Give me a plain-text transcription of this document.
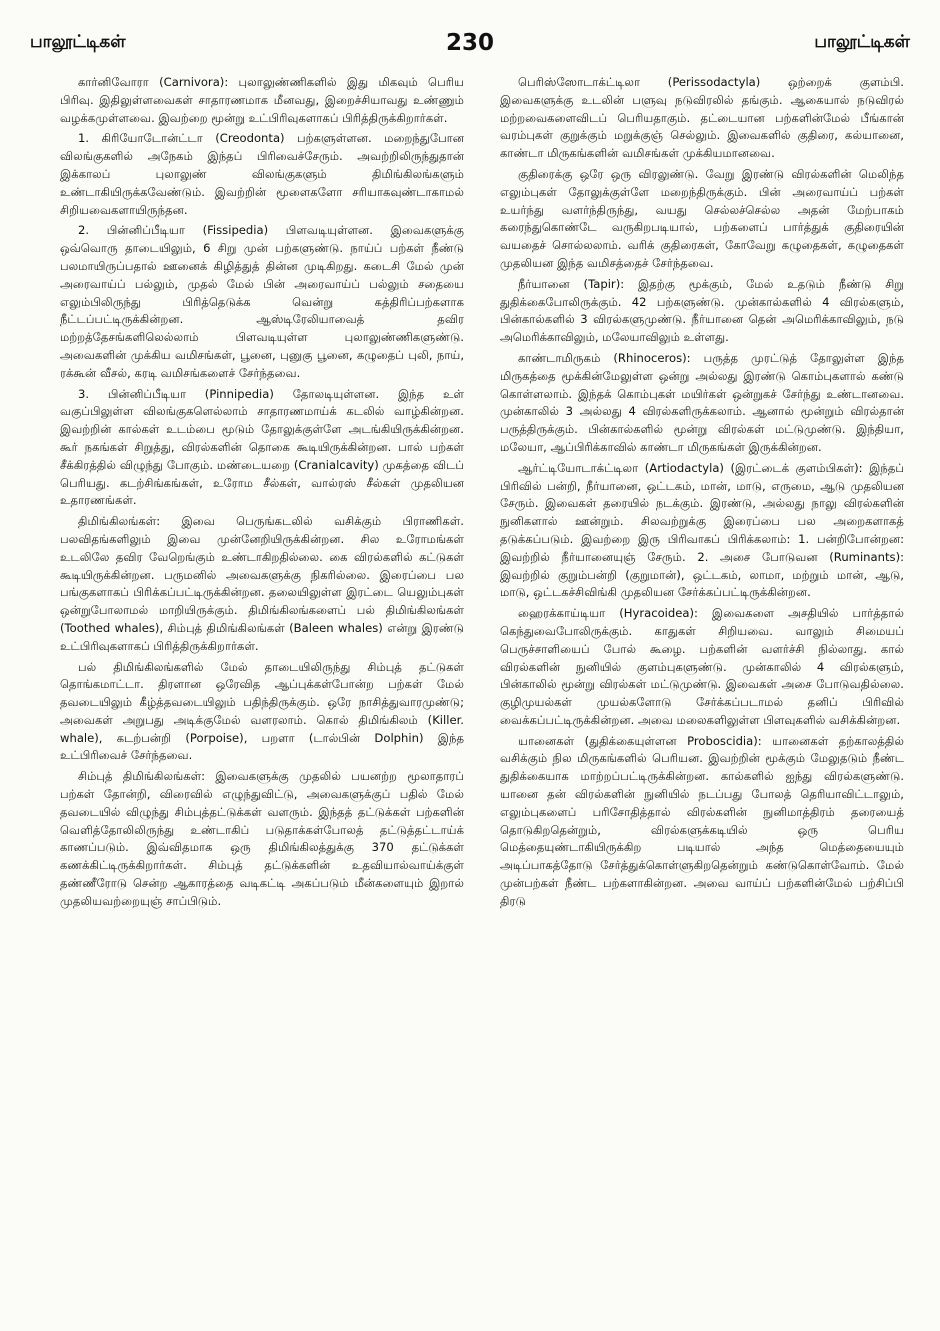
பாலூட்டிகள்	230	பாலூட்டிகள்

கார்னிவோரா (Carnivora): புலாலுண்ணிகளில் இது மிகவும் பெரிய பிரிவு. இதிலுள்ளவைகள் சாதாரணமாக மீனவது, இறைச்சியாவது உண்ணும் வழக்கமுள்ளவை. இவற்றை மூன்று உட்பிரிவுகளாகப் பிரித்திருக்கிறார்கள்.

1. கிரியோடோன்ட்டா (Creodonta) பற்களுள்ளன. மறைந்துபோன விலங்குகளில் அநேகம் இந்தப் பிரிவைச்சேரும். அவற்றிலிருந்துதான் இக்காலப் புலாலுண் விலங்குகளும் திமிங்கிலங்களும் உண்டாகியிருக்கவேண்டும். இவற்றின் மூளைகளோ சரியாகவுண்டாகாமல் சிறியவைகளாயிருந்தன.

2. பின்னிப்பீடியா (Fissipedia) பிளவடியுள்ளன. இவைகளுக்கு ஒவ்வொரு தாடையிலும், 6 சிறு முன் பற்களுண்டு. நாய்ப் பற்கள் நீண்டு பலமாயிருப்பதால் ஊனைக் கிழித்துத் தின்ன முடிகிறது. கடைசி மேல் முன் அரைவாய்ப் பல்லும், முதல் மேல் பின் அரைவாய்ப் பல்லும் சதையை எலும்பிலிருந்து பிரித்தெடுக்க வென்று கத்திரிப்பற்களாக நீட்டப்பட்டிருக்கின்றன. ஆஸ்டிரேலியாவைத் தவிர மற்றத்தேசங்களிலெல்லாம் பிளவடியுள்ள புலாலுண்ணிகளுண்டு. அவைகளின் முக்கிய வமிசங்கள், பூனை, புனுகு பூனை, கழுதைப் புலி, நாய், ரக்கூன் வீசல், கரடி வமிசங்களைச் சேர்ந்தவை.

3. பின்னிப்பீடியா (Pinnipedia) தோலடியுள்ளன. இந்த உள் வகுப்பிலுள்ள விலங்குகளெல்லாம் சாதாரணமாய்க் கடலில் வாழ்கின்றன. இவற்றின் கால்கள் உடம்பை மூடும் தோலுக்குள்ளே அடங்கியிருக்கின்றன. கூர் நகங்கள் சிறுத்து, விரல்களின் தொகை கூடியிருக்கின்றன. பால் பற்கள் சீக்கிரத்தில் விழுந்து போகும். மண்டையறை (Cranialcavity) முகத்தை விடப் பெரியது. கடற்சிங்கங்கள், உரோம சீல்கள், வால்ரஸ் சீல்கள் முதலியன உதாரணங்கள்.

திமிங்கிலங்கள்: இவை பெருங்கடலில் வசிக்கும் பிராணிகள். பலவிதங்களிலும் இவை முன்னேறியிருக்கின்றன. சில உரோமங்கள் உடலிலே தவிர வேறெங்கும் உண்டாகிறதில்லை. கை விரல்களில் கட்டுகள் கூடியிருக்கின்றன. பருமனில் அவைகளுக்கு நிகரில்லை. இரைப்பை பல பங்குகளாகப் பிரிக்கப்பட்டிருக்கின்றன. தலையிலுள்ள இரட்டை யெலும்புகள் ஒன்றுபோலாமல் மாறியிருக்கும். திமிங்கிலங்களைப் பல் திமிங்கிலங்கள் (Toothed whales), சிம்புத் திமிங்கிலங்கள் (Baleen whales) என்று இரண்டு உட்பிரிவுகளாகப் பிரித்திருக்கிறார்கள்.

பல் திமிங்கிலங்களில் மேல் தாடையிலிருந்து சிம்புத் தட்டுகள் தொங்கமாட்டா. திரளான ஒரேவித ஆப்புக்கள்போன்ற பற்கள் மேல் தவடையிலும் கீழ்த்தவடையிலும் பதிந்திருக்கும். ஒரே நாசித்துவாரமுண்டு; அவைகள் அறுபது அடிக்குமேல் வளரலாம். கொல் திமிங்கிலம் (Killer. whale), கடற்பன்றி (Porpoise), பறளா (டால்பின் Dolphin) இந்த உட்பிரிவைச் சேர்ந்தவை.

சிம்புத் திமிங்கிலங்கள்: இவைகளுக்கு முதலில் பயனற்ற மூலாதாரப் பற்கள் தோன்றி, விரைவில் எழுந்துவிட்டு, அவைகளுக்குப் பதில் மேல் தவடையில் விழுந்து சிம்புத்தட்டுக்கள் வளரும். இந்தத் தட்டுக்கள் பற்களின் வெளித்தோலிலிருந்து உண்டாகிப் படுதாக்கள்போலத் தட்டுத்தட்டாய்க் காணப்படும். இவ்விதமாக ஒரு திமிங்கிலத்துக்கு 370 தட்டுக்கள் கணக்கிட்டிருக்கிறார்கள். சிம்புத் தட்டுக்களின் உதவியால்வாய்க்குள் தண்ணீரோடு சென்ற ஆகாரத்தை வடிகட்டி அகப்படும் மீன்களையும் இறால் முதலியவற்றையுஞ் சாப்பிடும்.

பெரிஸ்ஸோடாக்ட்டிலா (Perissodactyla) ஒற்றைக் குளம்பி. இவைகளுக்கு உடலின் பளுவு நடுவிரலில் தங்கும். ஆகையால் நடுவிரல் மற்றவைகளைவிடப் பெரியதாகும். தட்டையான பற்களின்மேல் பீங்கான் வரம்புகள் குறுக்கும் மறுக்குஞ் செல்லும். இவைகளில் குதிரை, கல்யானை, காண்டா மிருகங்களின் வமிசங்கள் முக்கியமானவை.

குதிரைக்கு ஒரே ஒரு விரலுண்டு. வேறு இரண்டு விரல்களின் மெலிந்த எலும்புகள் தோலுக்குள்ளே மறைந்திருக்கும். பின் அரைவாய்ப் பற்கள் உயர்ந்து வளர்ந்திருந்து, வயது செல்லச்செல்ல அதன் மேற்பாகம் கரைந்துகொண்டே வருகிறபடியால், பற்களைப் பார்த்துக் குதிரையின் வயதைச் சொல்லலாம். வரிக் குதிரைகள், கோவேறு கழுதைகள், கழுதைகள் முதலியன இந்த வமிசத்தைச் சேர்ந்தவை.

நீர்யானை (Tapir): இதற்கு மூக்கும், மேல் உதடும் நீண்டு சிறு துதிக்கைபோலிருக்கும். 42 பற்களுண்டு. முன்கால்களில் 4 விரல்களும், பின்கால்களில் 3 விரல்களுமுண்டு. நீர்யானை தென் அமெரிக்காவிலும், நடு அமெரிக்காவிலும், மலேயாவிலும் உள்ளது.

காண்டாமிருகம் (Rhinoceros): பருத்த முரட்டுத் தோலுள்ள இந்த மிருகத்தை மூக்கின்மேலுள்ள ஒன்று அல்லது இரண்டு கொம்புகளால் கண்டு கொள்ளலாம். இந்தக் கொம்புகள் மயிர்கள் ஒன்றுகச் சேர்ந்து உண்டானவை. முன்காலில் 3 அல்லது 4 விரல்களிருக்கலாம். ஆனால் மூன்றும் விரல்தான் பருத்திருக்கும். பின்கால்களில் மூன்று விரல்கள் மட்டுமுண்டு. இந்தியா, மலேயா, ஆப்பிரிக்காவில் காண்டா மிருகங்கள் இருக்கின்றன.

ஆர்ட்டியோடாக்ட்டிலா (Artiodactyla) (இரட்டைக் குளம்பிகள்): இந்தப் பிரிவில் பன்றி, நீர்யானை, ஒட்டகம், மான், மாடு, எருமை, ஆடு முதலியன சேரும். இவைகள் தரையில் நடக்கும். இரண்டு, அல்லது நாலு விரல்களின் நுனிகளால் ஊன்றும். சிலவற்றுக்கு இரைப்பை பல அறைகளாகத் தடுக்கப்படும். இவற்றை இரு பிரிவாகப் பிரிக்கலாம்: 1. பன்றிபோன்றன: இவற்றில் நீர்யானையுஞ் சேரும். 2. அசை போடுவன (Ruminants): இவற்றில் குறும்பன்றி (குறுமான்), ஒட்டகம், லாமா, மற்றும் மான், ஆடு, மாடு, ஒட்டகச்சிவிங்கி முதலியன சேர்க்கப்பட்டிருக்கின்றன.

ஹைரக்காய்டியா (Hyracoidea): இவைகளை அசதியில் பார்த்தால் கெந்துவைபோலிருக்கும். காதுகள் சிறியவை. வாலும் சிமையப் பெருச்சாளியைப் போல் கூழை. பற்களின் வளர்ச்சி நில்லாது. கால் விரல்களின் நுனியில் குளம்புகளுண்டு. முன்காலில் 4 விரல்களும், பின்காலில் மூன்று விரல்கள் மட்டுமுண்டு. இவைகள் அசை போடுவதில்லை. குழிமுயல்கள் முயல்களோடு சேர்க்கப்படாமல் தனிப் பிரிவில் வைக்கப்பட்டிருக்கின்றன. அவை மலைகளிலுள்ள பிளவுகளில் வசிக்கின்றன.

யானைகள் (துதிக்கையுள்ளன Proboscidia): யானைகள் தற்காலத்தில் வசிக்கும் நில மிருகங்களில் பெரியன. இவற்றின் மூக்கும் மேலுதடும் நீண்ட துதிக்கையாக மாற்றப்பட்டிருக்கின்றன. கால்களில் ஐந்து விரல்களுண்டு. யானை தன் விரல்களின் நுனியில் நடப்பது போலத் தெரியாவிட்டாலும், எலும்புகளைப் பரிசோதித்தால் விரல்களின் நுனிமாத்திரம் தரையைத் தொடுகிறதென்றும், விரல்களுக்கடியில் ஒரு பெரிய மெத்தையுண்டாகியிருக்கிற படியால் அந்த மெத்தையையும் அடிப்பாகத்தோடு சேர்த்துக்கொள்ளுகிறதென்றும் கண்டுகொள்வோம். மேல் முன்பற்கள் நீண்ட பற்களாகின்றன. அவை வாய்ப் பற்களின்மேல் பற்சிப்பி திரடு
